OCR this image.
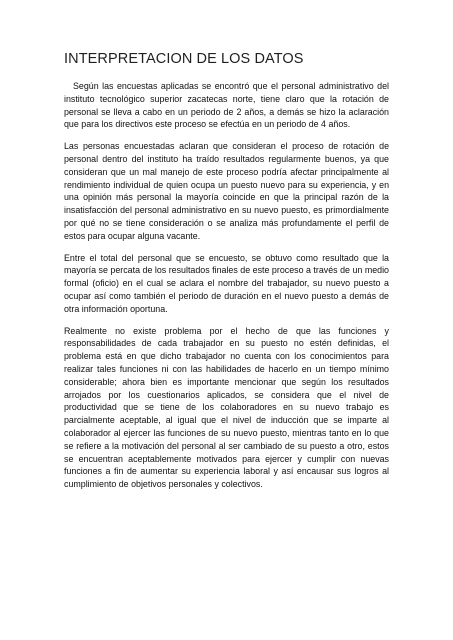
INTERPRETACION DE LOS DATOS

Según las encuestas aplicadas se encontró que el personal administrativo del instituto tecnológico superior zacatecas norte, tiene claro que la rotación de personal se lleva a cabo en un periodo de 2 años, a demás se hizo la aclaración que para los directivos este proceso se efectúa en un periodo de 4 años.

Las personas encuestadas aclaran que consideran el proceso de rotación de personal dentro del instituto ha traído resultados regularmente buenos, ya que consideran que un mal manejo de este proceso podría afectar principalmente al rendimiento individual de quien ocupa un puesto nuevo para su experiencia, y en una opinión más personal la mayoría coincide en que la principal razón de la insatisfacción del personal administrativo en su nuevo puesto, es primordialmente por qué no se tiene consideración o se analiza más profundamente el perfil de estos para ocupar alguna vacante.

Entre el total del personal que se encuesto, se obtuvo como resultado que la mayoría se percata de los resultados finales de este proceso a través de un medio formal (oficio) en el cual se aclara el nombre del trabajador, su nuevo puesto a ocupar así como también el periodo de duración en el nuevo puesto a demás de otra información oportuna.

Realmente no existe problema por el hecho de que las funciones y responsabilidades de cada trabajador en su puesto no estén definidas, el problema está en que dicho trabajador no cuenta con los conocimientos para realizar tales funciones ni con las habilidades de hacerlo en un tiempo mínimo considerable; ahora bien es importante mencionar que según los resultados arrojados por los cuestionarios aplicados, se considera que el nivel de productividad que se tiene de los colaboradores en su nuevo trabajo es parcialmente aceptable, al igual que el nivel de inducción que se imparte al colaborador al ejercer las funciones de su nuevo puesto, mientras tanto en lo que se refiere a la motivación del personal al ser cambiado de su puesto a otro, estos se encuentran aceptablemente motivados para ejercer y cumplir con nuevas funciones a fin de aumentar su experiencia laboral y así encausar sus logros al cumplimiento de objetivos personales y colectivos.
